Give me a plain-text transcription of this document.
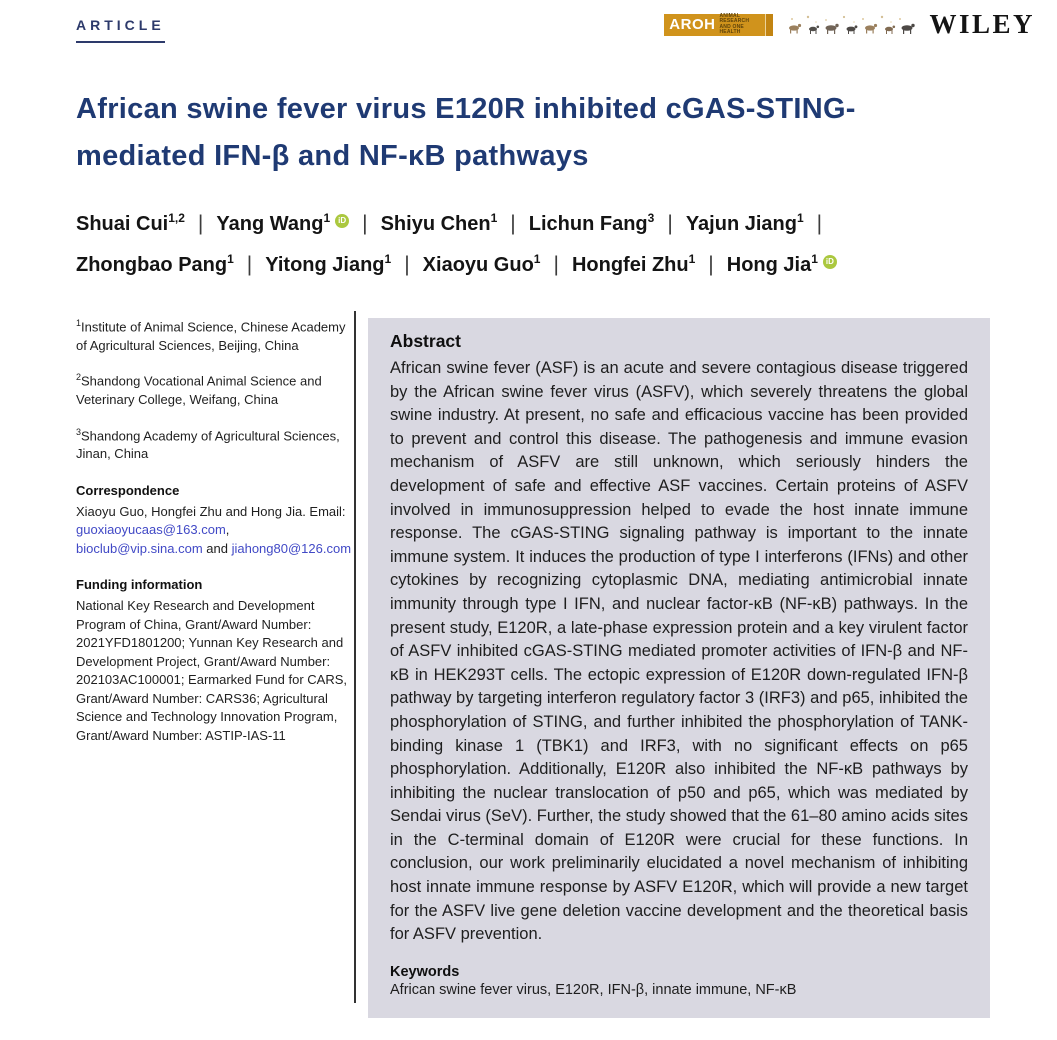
ARTICLE	AROH ANIMAL RESEARCH
AND ONE HEALTH	WILEY
African swine fever virus E120R inhibited cGAS-STING-
mediated IFN-β and NF-κB pathways
Shuai Cui$^{1,2}$ | Yang Wang$^1$ iD | Shiyu Chen$^1$ | Lichun Fang$^3$ | Yajun Jiang$^1$ |
Zhongbao Pang$^1$ | Yitong Jiang$^1$ | Xiaoyu Guo$^1$ | Hongfei Zhu$^1$ | Hong Jia$^1$ iD
$^1$Institute of Animal Science, Chinese Academy of Agricultural Sciences, Beijing, China
$^2$Shandong Vocational Animal Science and Veterinary College, Weifang, China
$^3$Shandong Academy of Agricultural Sciences, Jinan, China
Correspondence
Xiaoyu Guo, Hongfei Zhu and Hong Jia. Email: guoxiaoyucaas@163.com, bioclub@vip.sina.com and jiahong80@126.com
Funding information
National Key Research and Development Program of China, Grant/Award Number: 2021YFD1801200; Yunnan Key Research and Development Project, Grant/Award Number: 202103AC100001; Earmarked Fund for CARS, Grant/Award Number: CARS36; Agricultural Science and Technology Innovation Program, Grant/Award Number: ASTIP-IAS-11
Abstract
African swine fever (ASF) is an acute and severe contagious disease triggered by the African swine fever virus (ASFV), which severely threatens the global swine industry. At present, no safe and efficacious vaccine has been provided to prevent and control this disease. The pathogenesis and immune evasion mechanism of ASFV are still unknown, which seriously hinders the development of safe and effective ASF vaccines. Certain proteins of ASFV involved in immunosuppression helped to evade the host innate immune response. The cGAS-STING signaling pathway is important to the innate immune system. It induces the production of type I interferons (IFNs) and other cytokines by recognizing cytoplasmic DNA, mediating antimicrobial innate immunity through type I IFN, and nuclear factor-κB (NF-κB) pathways. In the present study, E120R, a late-phase expression protein and a key virulent factor of ASFV inhibited cGAS-STING mediated promoter activities of IFN-β and NF-κB in HEK293T cells. The ectopic expression of E120R down-regulated IFN-β pathway by targeting interferon regulatory factor 3 (IRF3) and p65, inhibited the phosphorylation of STING, and further inhibited the phosphorylation of TANK-binding kinase 1 (TBK1) and IRF3, with no significant effects on p65 phosphorylation. Additionally, E120R also inhibited the NF-κB pathways by inhibiting the nuclear translocation of p50 and p65, which was mediated by Sendai virus (SeV). Further, the study showed that the 61–80 amino acids sites in the C-terminal domain of E120R were crucial for these functions. In conclusion, our work preliminarily elucidated a novel mechanism of inhibiting host innate immune response by ASFV E120R, which will provide a new target for the ASFV live gene deletion vaccine development and the theoretical basis for ASFV prevention.
Keywords
African swine fever virus, E120R, IFN-β, innate immune, NF-κB
